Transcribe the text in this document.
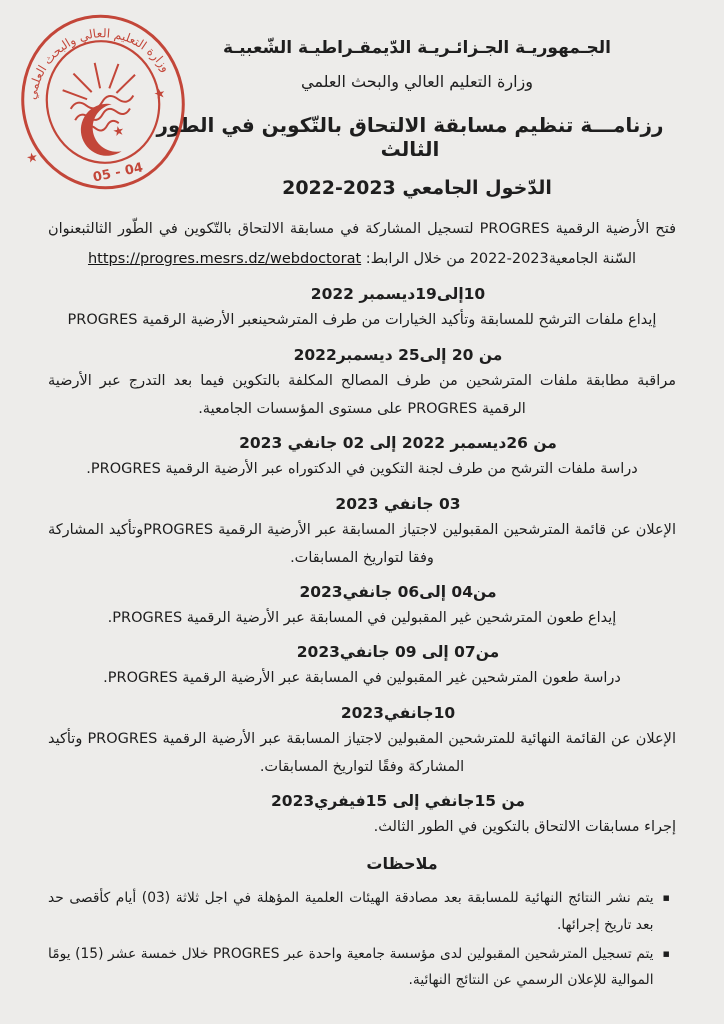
وزارة التعليم العالي والبحث العلمي
★
★
04 - 05
★
الجـمهوريـة الجـزائـريـة الدّيمقـراطيـة الشّعبيـة
وزارة التعليم العالي والبحث العلمي
رزنامـــة تنظيم مسابقة الالتحاق بالتّكوين في الطور الثالث
الدّخول الجامعي 2023-2022

فتح الأرضية الرقمية PROGRES لتسجيل المشاركة في مسابقة الالتحاق بالتّكوين في الطّور الثالثبعنوان السّنة الجامعية2023-2022 من خلال الرابط: https://progres.mesrs.dz/webdoctorat

10إلى19ديسمبر 2022

إيداع ملفات الترشح للمسابقة وتأكيد الخيارات من طرف المترشحينعبر الأرضية الرقمية PROGRES

من 20 إلى25 ديسمبر2022

مراقبة مطابقة ملفات المترشحين من طرف المصالح المكلفة بالتكوين فيما بعد التدرج عبر الأرضية الرقمية PROGRES على مستوى المؤسسات الجامعية.

من 26ديسمبر 2022 إلى 02 جانفي 2023

دراسة ملفات الترشح من طرف لجنة التكوين في الدكتوراه عبر الأرضية الرقمية PROGRES.

03 جانفي 2023

الإعلان عن قائمة المترشحين المقبولين لاجتياز المسابقة عبر الأرضية الرقمية PROGRESوتأكيد المشاركة وفقا لتواريخ المسابقات.

من04 إلى06 جانفي2023

إيداع طعون المترشحين غير المقبولين في المسابقة عبر الأرضية الرقمية PROGRES.

من07 إلى 09 جانفي2023

دراسة طعون المترشحين غير المقبولين في المسابقة عبر الأرضية الرقمية PROGRES.

10جانفي2023

الإعلان عن القائمة النهائية للمترشحين المقبولين لاجتياز المسابقة عبر الأرضية الرقمية PROGRES وتأكيد المشاركة وفقًا لتواريخ المسابقات.

من 15جانفي إلى 15فيفري2023

إجراء مسابقات الالتحاق بالتكوين في الطور الثالث.

ملاحظات
▪
يتم نشر النتائج النهائية للمسابقة بعد مصادقة الهيئات العلمية المؤهلة في اجل ثلاثة (03) أيام كأقصى حد بعد تاريخ إجرائها.
▪
يتم تسجيل المترشحين المقبولين لدى مؤسسة جامعية واحدة عبر PROGRES خلال خمسة عشر (15) يومًا الموالية للإعلان الرسمي عن النتائج النهائية.
